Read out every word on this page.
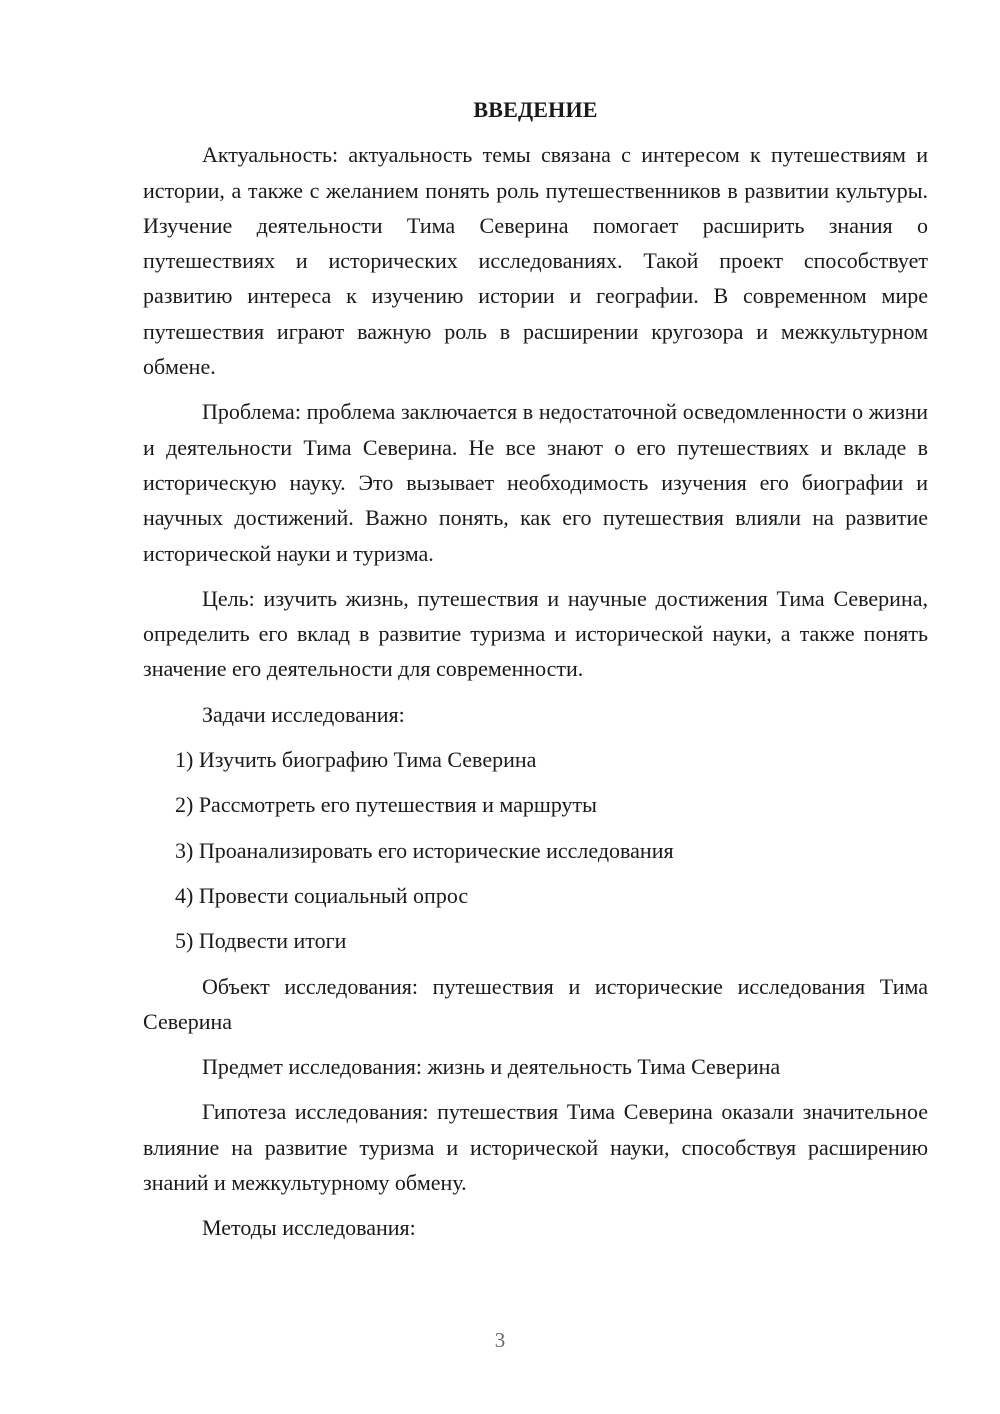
ВВЕДЕНИЕ

Актуальность: актуальность темы связана с интересом к путешествиям и истории, а также с желанием понять роль путешественников в развитии культуры. Изучение деятельности Тима Северина помогает расширить знания о путешествиях и исторических исследованиях. Такой проект способствует развитию интереса к изучению истории и географии. В современном мире путешествия играют важную роль в расширении кругозора и межкультурном обмене.

Проблема: проблема заключается в недостаточной осведомленности о жизни и деятельности Тима Северина. Не все знают о его путешествиях и вкладе в историческую науку. Это вызывает необходимость изучения его биографии и научных достижений. Важно понять, как его путешествия влияли на развитие исторической науки и туризма.

Цель: изучить жизнь, путешествия и научные достижения Тима Северина, определить его вклад в развитие туризма и исторической науки, а также понять значение его деятельности для современности.

Задачи исследования:

1) Изучить биографию Тима Северина
2) Рассмотреть его путешествия и маршруты
3) Проанализировать его исторические исследования
4) Провести социальный опрос
5) Подвести итоги

Объект исследования: путешествия и исторические исследования Тима Северина

Предмет исследования: жизнь и деятельность Тима Северина

Гипотеза исследования: путешествия Тима Северина оказали значительное влияние на развитие туризма и исторической науки, способствуя расширению знаний и межкультурному обмену.

Методы исследования:

3
